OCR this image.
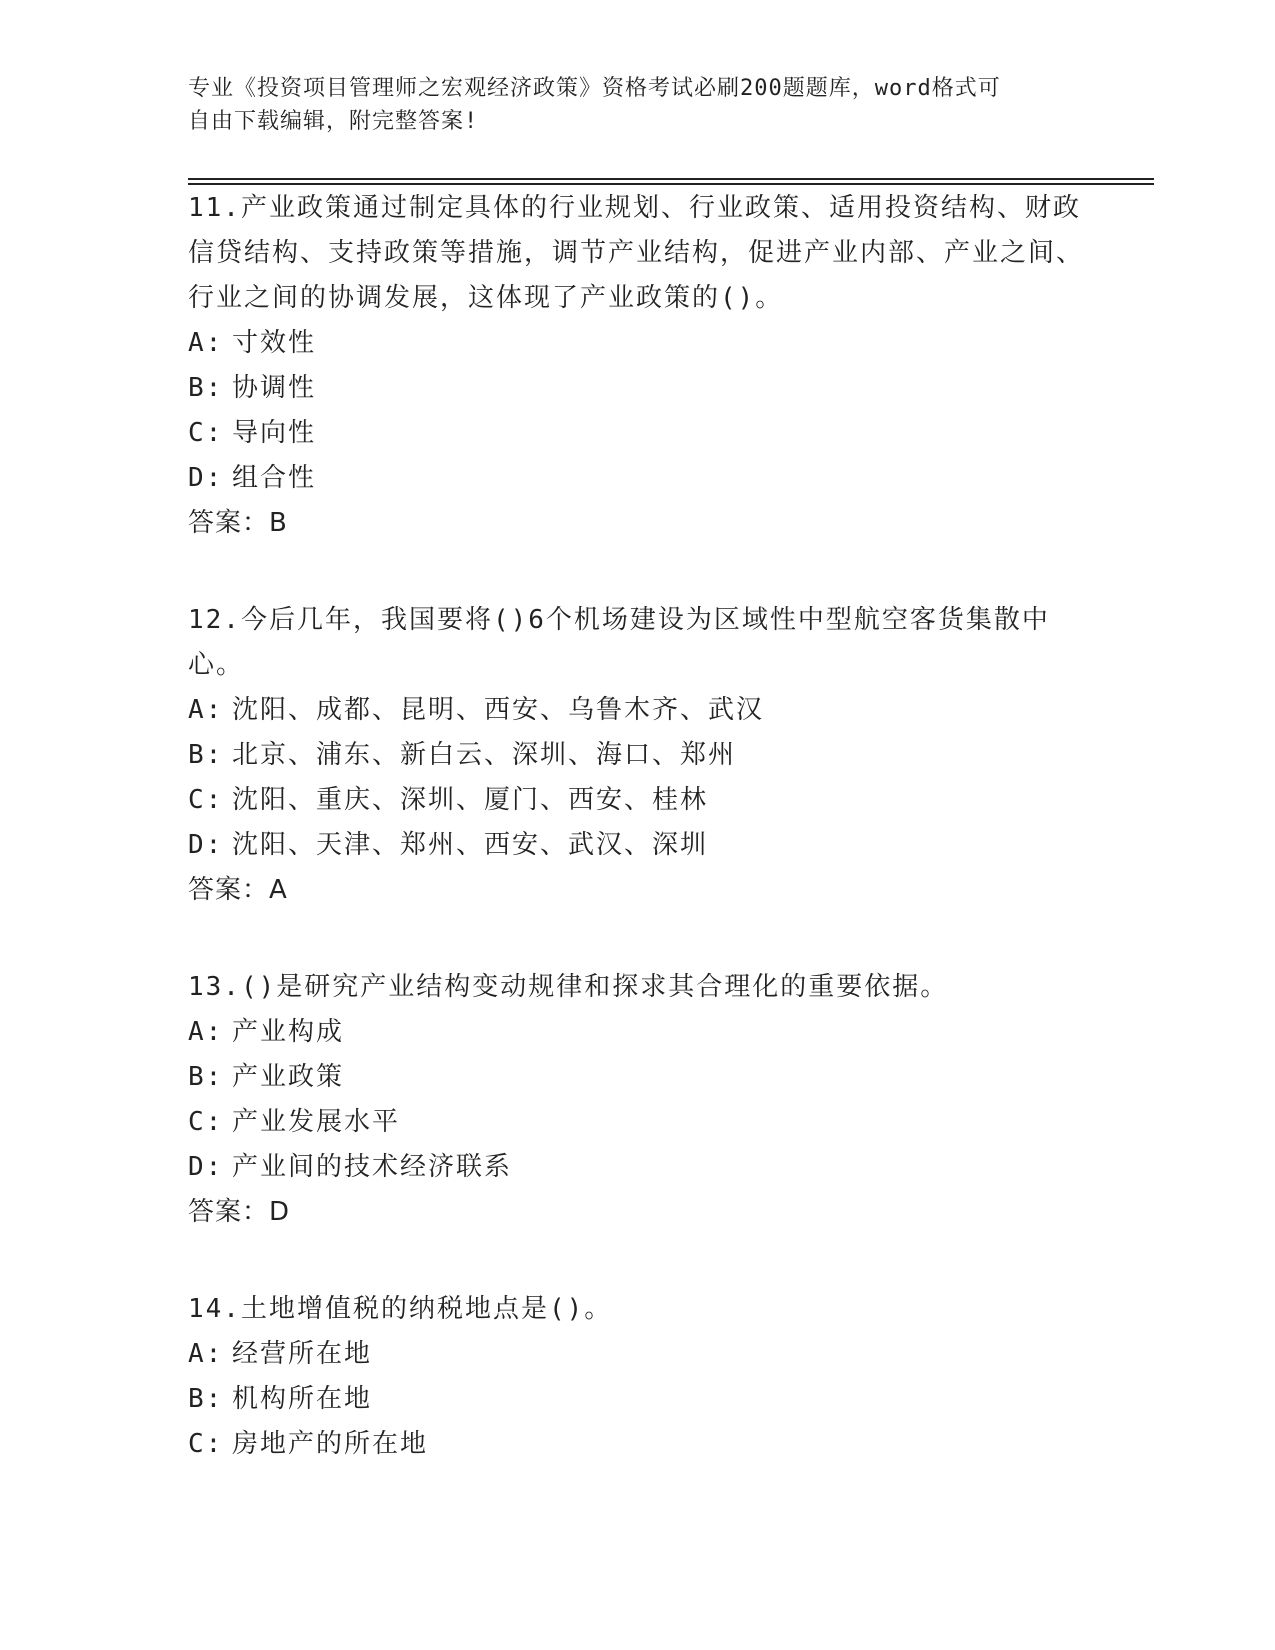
专业《投资项目管理师之宏观经济政策》资格考试必刷200题题库，word格式可
自由下载编辑，附完整答案!
11.产业政策通过制定具体的行业规划、行业政策、适用投资结构、财政信贷结构、支持政策等措施，调节产业结构，促进产业内部、产业之间、行业之间的协调发展，这体现了产业政策的()。
A: 寸效性
B: 协调性
C: 导向性
D: 组合性
答案：B
12.今后几年，我国要将()6个机场建设为区域性中型航空客货集散中心。
A: 沈阳、成都、昆明、西安、乌鲁木齐、武汉
B: 北京、浦东、新白云、深圳、海口、郑州
C: 沈阳、重庆、深圳、厦门、西安、桂林
D: 沈阳、天津、郑州、西安、武汉、深圳
答案：A
13.()是研究产业结构变动规律和探求其合理化的重要依据。
A: 产业构成
B: 产业政策
C: 产业发展水平
D: 产业间的技术经济联系
答案：D
14.土地增值税的纳税地点是()。
A: 经营所在地
B: 机构所在地
C: 房地产的所在地
